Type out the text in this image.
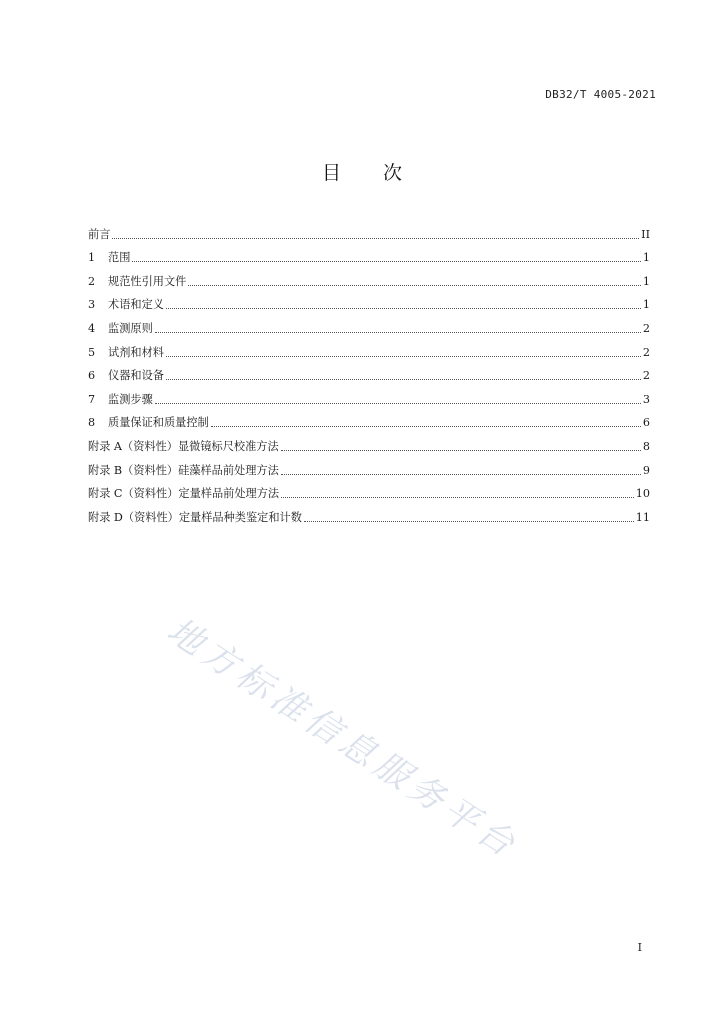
DB32/T 4005-2021
目 次
前言	II
1	范围	1
2	规范性引用文件	1
3	术语和定义	1
4	监测原则	2
5	试剂和材料	2
6	仪器和设备	2
7	监测步骤	3
8	质量保证和质量控制	6
附录 A（资料性）显微镜标尺校准方法	8
附录 B（资料性）硅藻样品前处理方法	9
附录 C（资料性）定量样品前处理方法	10
附录 D（资料性）定量样品种类鉴定和计数	11
地方标准信息服务平台
I
